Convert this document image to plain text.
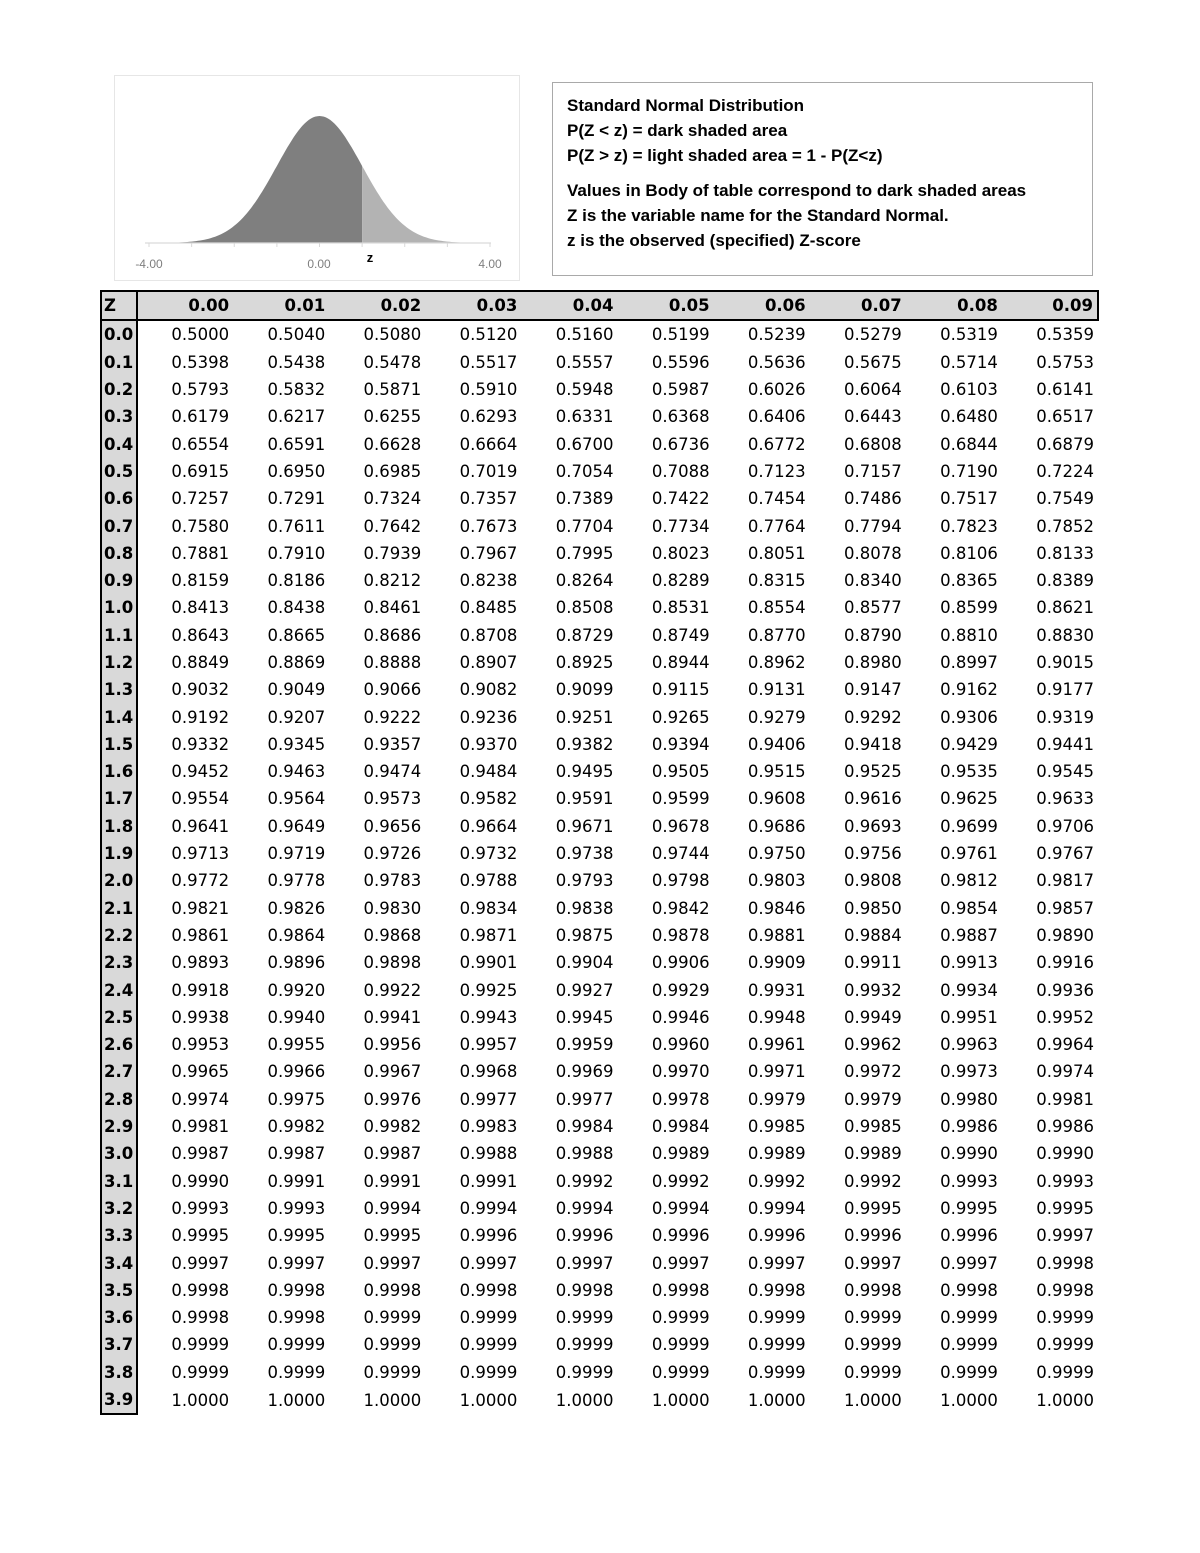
-4.00	0.00	4.00
z
Standard Normal Distribution
P(Z < z) = dark shaded area
P(Z > z) = light shaded area = 1 - P(Z<z)
Values in Body of table correspond to dark shaded areas
Z is the variable name for the Standard Normal.
z is the observed (specified) Z-score
Z	0.00	0.01	0.02	0.03	0.04	0.05	0.06	0.07	0.08	0.09
0.0	0.5000	0.5040	0.5080	0.5120	0.5160	0.5199	0.5239	0.5279	0.5319	0.5359
0.1	0.5398	0.5438	0.5478	0.5517	0.5557	0.5596	0.5636	0.5675	0.5714	0.5753
0.2	0.5793	0.5832	0.5871	0.5910	0.5948	0.5987	0.6026	0.6064	0.6103	0.6141
0.3	0.6179	0.6217	0.6255	0.6293	0.6331	0.6368	0.6406	0.6443	0.6480	0.6517
0.4	0.6554	0.6591	0.6628	0.6664	0.6700	0.6736	0.6772	0.6808	0.6844	0.6879
0.5	0.6915	0.6950	0.6985	0.7019	0.7054	0.7088	0.7123	0.7157	0.7190	0.7224
0.6	0.7257	0.7291	0.7324	0.7357	0.7389	0.7422	0.7454	0.7486	0.7517	0.7549
0.7	0.7580	0.7611	0.7642	0.7673	0.7704	0.7734	0.7764	0.7794	0.7823	0.7852
0.8	0.7881	0.7910	0.7939	0.7967	0.7995	0.8023	0.8051	0.8078	0.8106	0.8133
0.9	0.8159	0.8186	0.8212	0.8238	0.8264	0.8289	0.8315	0.8340	0.8365	0.8389
1.0	0.8413	0.8438	0.8461	0.8485	0.8508	0.8531	0.8554	0.8577	0.8599	0.8621
1.1	0.8643	0.8665	0.8686	0.8708	0.8729	0.8749	0.8770	0.8790	0.8810	0.8830
1.2	0.8849	0.8869	0.8888	0.8907	0.8925	0.8944	0.8962	0.8980	0.8997	0.9015
1.3	0.9032	0.9049	0.9066	0.9082	0.9099	0.9115	0.9131	0.9147	0.9162	0.9177
1.4	0.9192	0.9207	0.9222	0.9236	0.9251	0.9265	0.9279	0.9292	0.9306	0.9319
1.5	0.9332	0.9345	0.9357	0.9370	0.9382	0.9394	0.9406	0.9418	0.9429	0.9441
1.6	0.9452	0.9463	0.9474	0.9484	0.9495	0.9505	0.9515	0.9525	0.9535	0.9545
1.7	0.9554	0.9564	0.9573	0.9582	0.9591	0.9599	0.9608	0.9616	0.9625	0.9633
1.8	0.9641	0.9649	0.9656	0.9664	0.9671	0.9678	0.9686	0.9693	0.9699	0.9706
1.9	0.9713	0.9719	0.9726	0.9732	0.9738	0.9744	0.9750	0.9756	0.9761	0.9767
2.0	0.9772	0.9778	0.9783	0.9788	0.9793	0.9798	0.9803	0.9808	0.9812	0.9817
2.1	0.9821	0.9826	0.9830	0.9834	0.9838	0.9842	0.9846	0.9850	0.9854	0.9857
2.2	0.9861	0.9864	0.9868	0.9871	0.9875	0.9878	0.9881	0.9884	0.9887	0.9890
2.3	0.9893	0.9896	0.9898	0.9901	0.9904	0.9906	0.9909	0.9911	0.9913	0.9916
2.4	0.9918	0.9920	0.9922	0.9925	0.9927	0.9929	0.9931	0.9932	0.9934	0.9936
2.5	0.9938	0.9940	0.9941	0.9943	0.9945	0.9946	0.9948	0.9949	0.9951	0.9952
2.6	0.9953	0.9955	0.9956	0.9957	0.9959	0.9960	0.9961	0.9962	0.9963	0.9964
2.7	0.9965	0.9966	0.9967	0.9968	0.9969	0.9970	0.9971	0.9972	0.9973	0.9974
2.8	0.9974	0.9975	0.9976	0.9977	0.9977	0.9978	0.9979	0.9979	0.9980	0.9981
2.9	0.9981	0.9982	0.9982	0.9983	0.9984	0.9984	0.9985	0.9985	0.9986	0.9986
3.0	0.9987	0.9987	0.9987	0.9988	0.9988	0.9989	0.9989	0.9989	0.9990	0.9990
3.1	0.9990	0.9991	0.9991	0.9991	0.9992	0.9992	0.9992	0.9992	0.9993	0.9993
3.2	0.9993	0.9993	0.9994	0.9994	0.9994	0.9994	0.9994	0.9995	0.9995	0.9995
3.3	0.9995	0.9995	0.9995	0.9996	0.9996	0.9996	0.9996	0.9996	0.9996	0.9997
3.4	0.9997	0.9997	0.9997	0.9997	0.9997	0.9997	0.9997	0.9997	0.9997	0.9998
3.5	0.9998	0.9998	0.9998	0.9998	0.9998	0.9998	0.9998	0.9998	0.9998	0.9998
3.6	0.9998	0.9998	0.9999	0.9999	0.9999	0.9999	0.9999	0.9999	0.9999	0.9999
3.7	0.9999	0.9999	0.9999	0.9999	0.9999	0.9999	0.9999	0.9999	0.9999	0.9999
3.8	0.9999	0.9999	0.9999	0.9999	0.9999	0.9999	0.9999	0.9999	0.9999	0.9999
3.9	1.0000	1.0000	1.0000	1.0000	1.0000	1.0000	1.0000	1.0000	1.0000	1.0000
